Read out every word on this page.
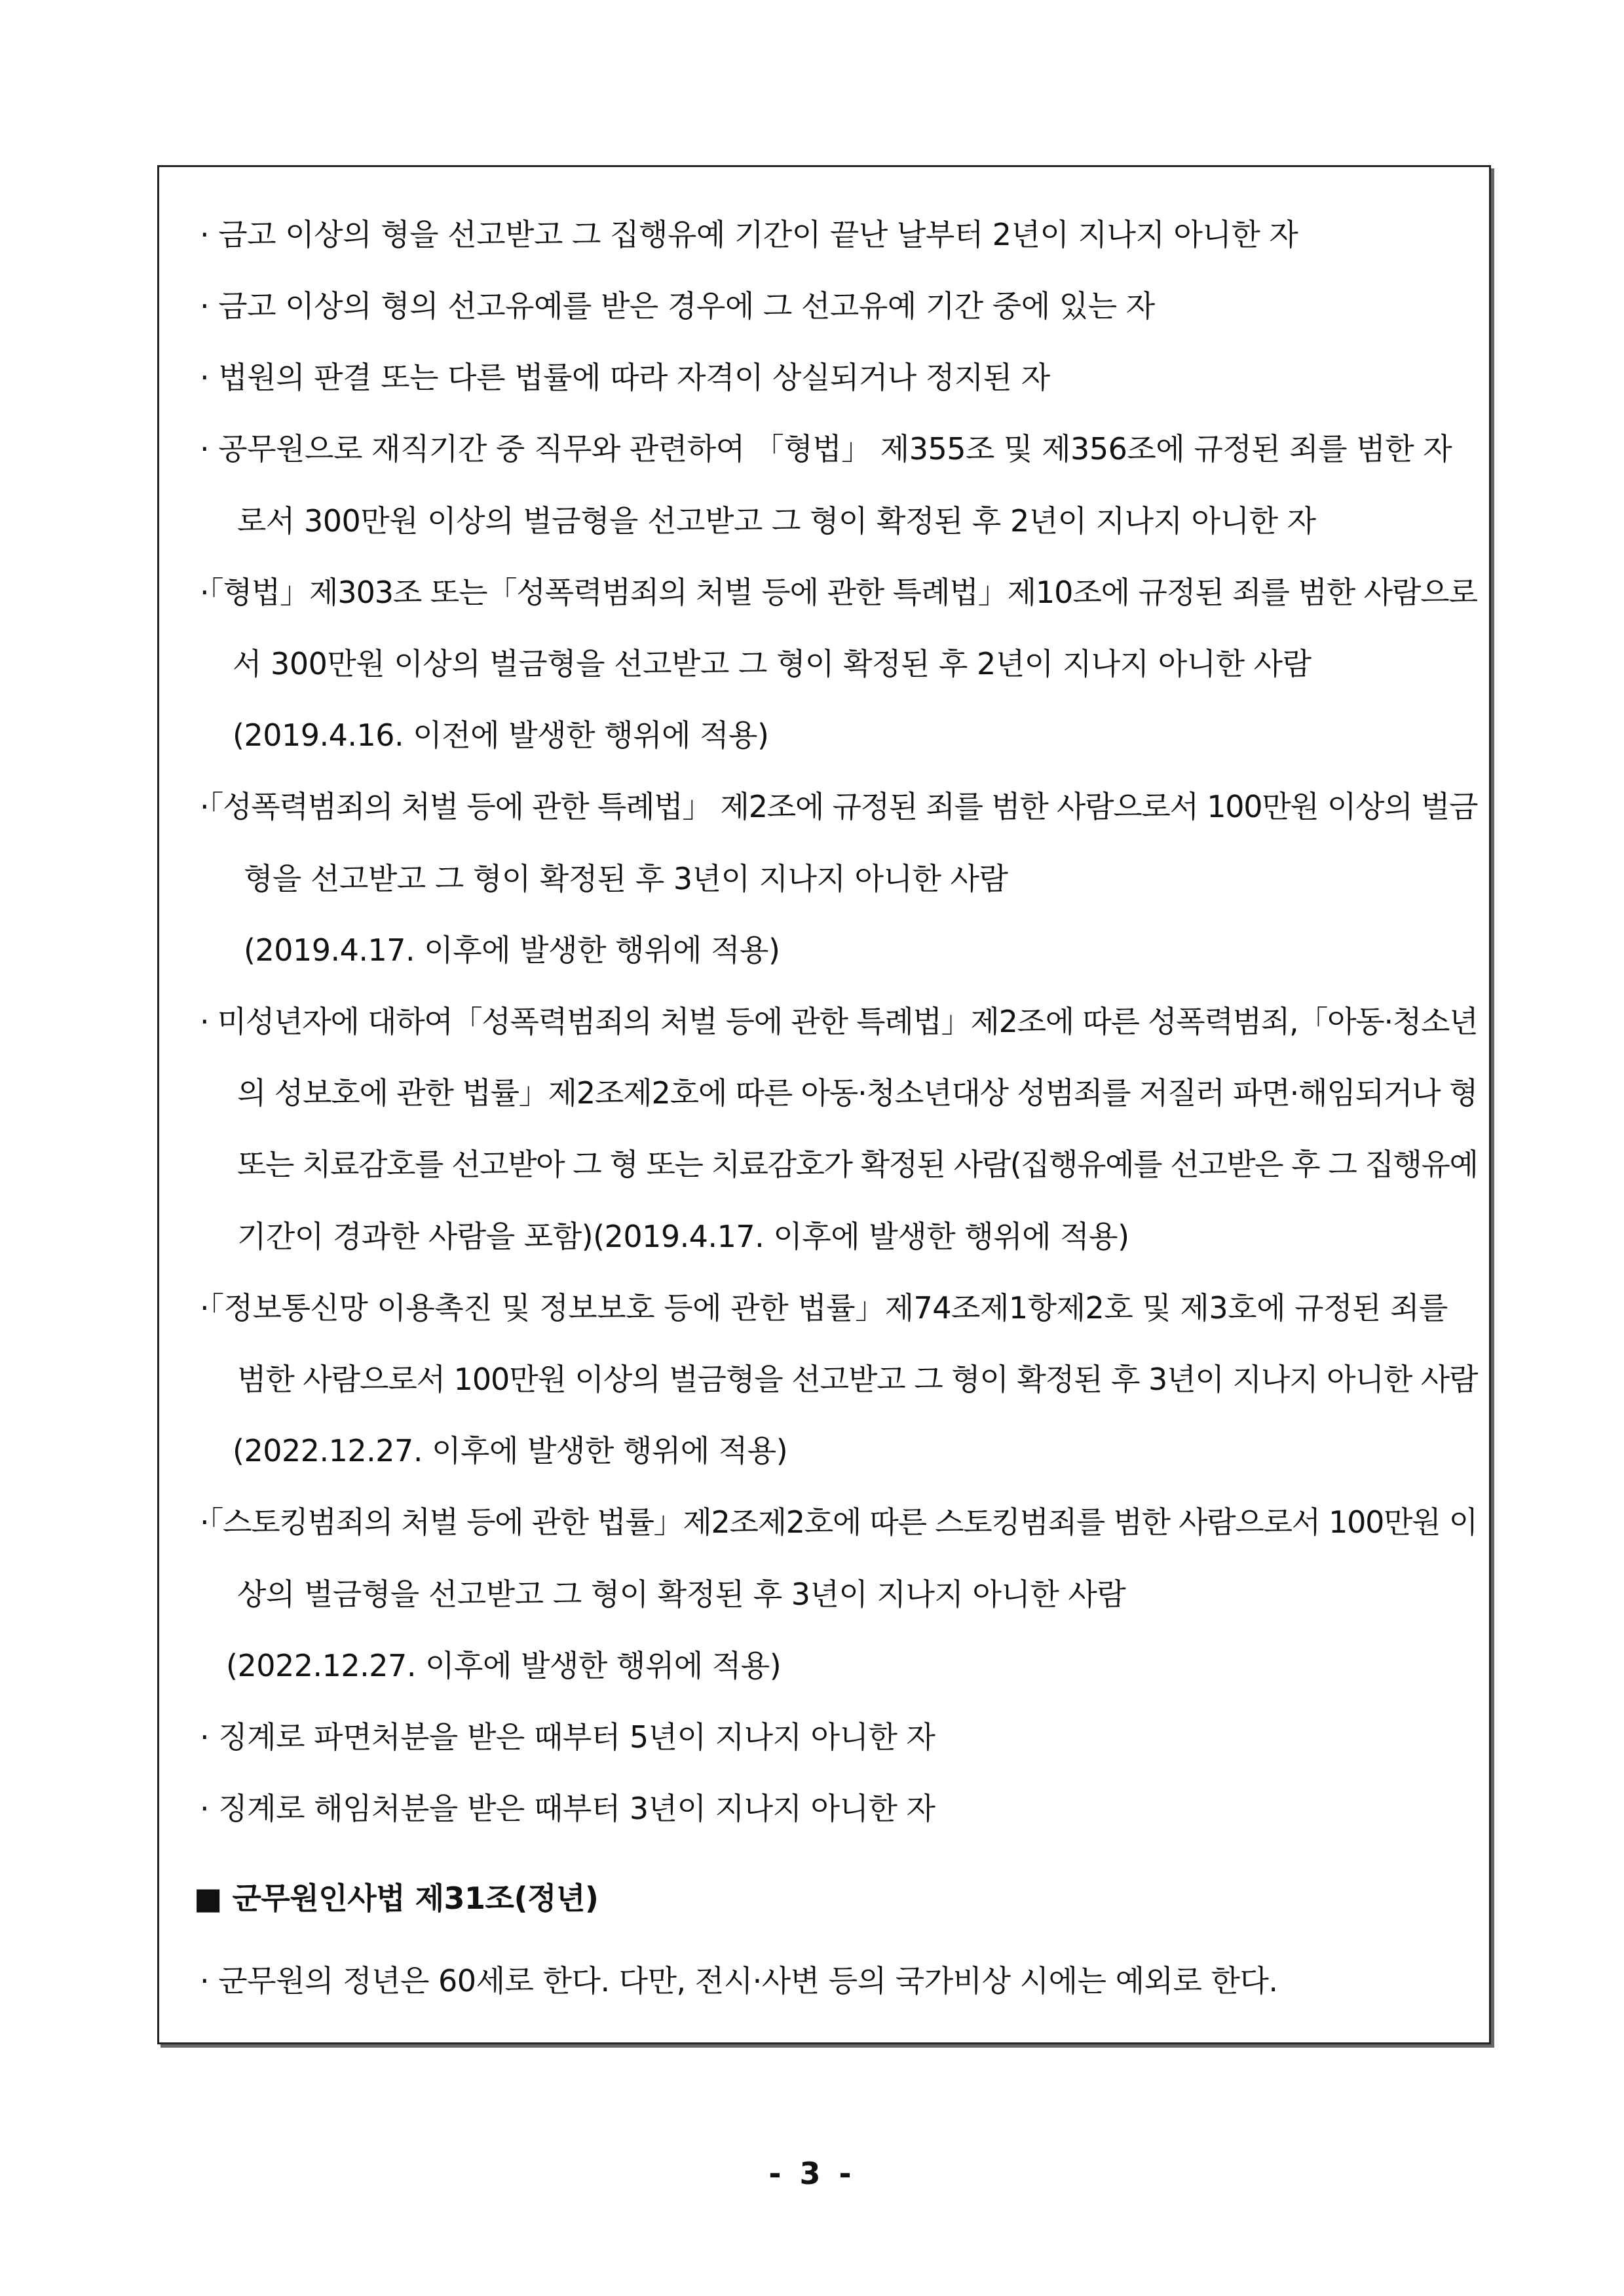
· 금고 이상의 형을 선고받고 그 집행유예 기간이 끝난 날부터 2년이 지나지 아니한 자
· 금고 이상의 형의 선고유예를 받은 경우에 그 선고유예 기간 중에 있는 자
· 법원의 판결 또는 다른 법률에 따라 자격이 상실되거나 정지된 자
· 공무원으로 재직기간 중 직무와 관련하여 「형법」 제355조 및 제356조에 규정된 죄를 범한 자
로서 300만원 이상의 벌금형을 선고받고 그 형이 확정된 후 2년이 지나지 아니한 자
·「형법」제303조 또는「성폭력범죄의 처벌 등에 관한 특례법」제10조에 규정된 죄를 범한 사람으로
서 300만원 이상의 벌금형을 선고받고 그 형이 확정된 후 2년이 지나지 아니한 사람
(2019.4.16. 이전에 발생한 행위에 적용)
·「성폭력범죄의 처벌 등에 관한 특례법」 제2조에 규정된 죄를 범한 사람으로서 100만원 이상의 벌금
형을 선고받고 그 형이 확정된 후 3년이 지나지 아니한 사람
(2019.4.17. 이후에 발생한 행위에 적용)
· 미성년자에 대하여「성폭력범죄의 처벌 등에 관한 특례법」제2조에 따른 성폭력범죄,「아동·청소년
의 성보호에 관한 법률」제2조제2호에 따른 아동·청소년대상 성범죄를 저질러 파면·해임되거나 형
또는 치료감호를 선고받아 그 형 또는 치료감호가 확정된 사람(집행유예를 선고받은 후 그 집행유예
기간이 경과한 사람을 포함)(2019.4.17. 이후에 발생한 행위에 적용)
·「정보통신망 이용촉진 및 정보보호 등에 관한 법률」제74조제1항제2호 및 제3호에 규정된 죄를
범한 사람으로서 100만원 이상의 벌금형을 선고받고 그 형이 확정된 후 3년이 지나지 아니한 사람
(2022.12.27. 이후에 발생한 행위에 적용)
·「스토킹범죄의 처벌 등에 관한 법률」제2조제2호에 따른 스토킹범죄를 범한 사람으로서 100만원 이
상의 벌금형을 선고받고 그 형이 확정된 후 3년이 지나지 아니한 사람
(2022.12.27. 이후에 발생한 행위에 적용)
· 징계로 파면처분을 받은 때부터 5년이 지나지 아니한 자
· 징계로 해임처분을 받은 때부터 3년이 지나지 아니한 자
■ 군무원인사법 제31조(정년)
· 군무원의 정년은 60세로 한다. 다만, 전시·사변 등의 국가비상 시에는 예외로 한다.
- 3 -
